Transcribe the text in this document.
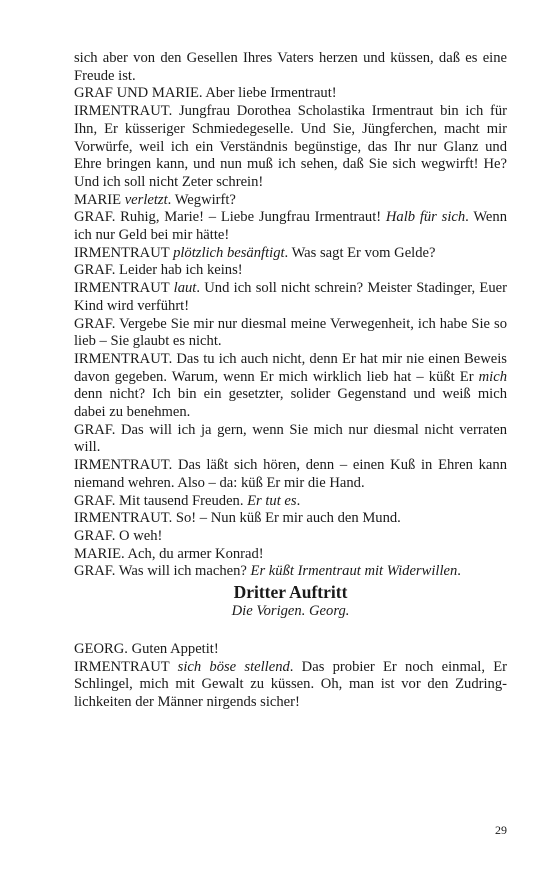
sich aber von den Gesellen Ihres Vaters herzen und küssen, daß es eine Freude ist.

GRAF UND MARIE. Aber liebe Irmentraut!

IRMENTRAUT. Jungfrau Dorothea Scholastika Irmentraut bin ich für Ihn, Er küsseriger Schmiedegeselle. Und Sie, Jüngferchen, macht mir Vorwürfe, weil ich ein Verständnis begünstige, das Ihr nur Glanz und Ehre bringen kann, und nun muß ich sehen, daß Sie sich wegwirft! He? Und ich soll nicht Zeter schrein!

MARIE verletzt. Wegwirft?

GRAF. Ruhig, Marie! – Liebe Jungfrau Irmentraut! Halb für sich. Wenn ich nur Geld bei mir hätte!

IRMENTRAUT plötzlich besänftigt. Was sagt Er vom Gelde?

GRAF. Leider hab ich keins!

IRMENTRAUT laut. Und ich soll nicht schrein? Meister Stadinger, Euer Kind wird verführt!

GRAF. Vergebe Sie mir nur diesmal meine Verwegenheit, ich habe Sie so lieb – Sie glaubt es nicht.

IRMENTRAUT. Das tu ich auch nicht, denn Er hat mir nie einen Beweis davon gegeben. Warum, wenn Er mich wirklich lieb hat – küßt Er mich denn nicht? Ich bin ein gesetzter, solider Gegenstand und weiß mich dabei zu benehmen.

GRAF. Das will ich ja gern, wenn Sie mich nur diesmal nicht verraten will.

IRMENTRAUT. Das läßt sich hören, denn – einen Kuß in Ehren kann niemand wehren. Also – da: küß Er mir die Hand.

GRAF. Mit tausend Freuden. Er tut es.

IRMENTRAUT. So! – Nun küß Er mir auch den Mund.

GRAF. O weh!

MARIE. Ach, du armer Konrad!

GRAF. Was will ich machen? Er küßt Irmentraut mit Widerwillen.

Dritter Auftritt

Die Vorigen. Georg.

GEORG. Guten Appetit!

IRMENTRAUT sich böse stellend. Das probier Er noch einmal, Er Schlingel, mich mit Gewalt zu küssen. Oh, man ist vor den Zudringlichkeiten der Männer nirgends sicher!

29
